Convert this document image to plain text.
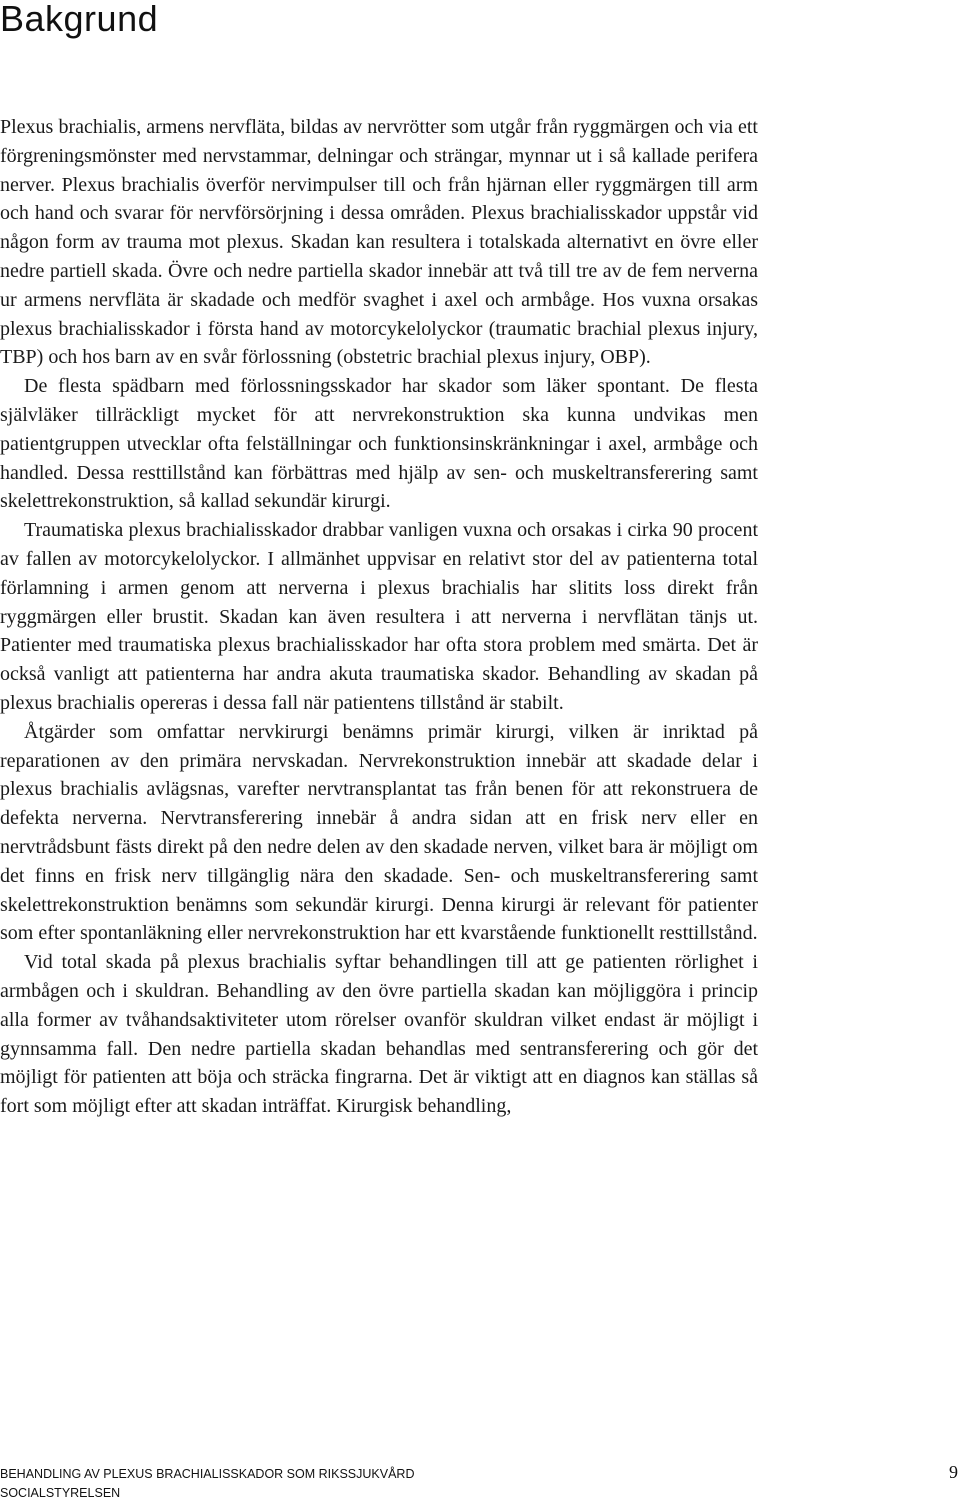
Bakgrund

Plexus brachialis, armens nervfläta, bildas av nervrötter som utgår från ryggmärgen och via ett förgreningsmönster med nervstammar, delningar och strängar, mynnar ut i så kallade perifera nerver. Plexus brachialis överför nervimpulser till och från hjärnan eller ryggmärgen till arm och hand och svarar för nervförsörjning i dessa områden. Plexus brachialisskador uppstår vid någon form av trauma mot plexus. Skadan kan resultera i totalskada alternativt en övre eller nedre partiell skada. Övre och nedre partiella skador innebär att två till tre av de fem nerverna ur armens nervfläta är skadade och medför svaghet i axel och armbåge. Hos vuxna orsakas plexus brachialisskador i första hand av motorcykelolyckor (traumatic brachial plexus injury, TBP) och hos barn av en svår förlossning (obstetric brachial plexus injury, OBP).

De flesta spädbarn med förlossningsskador har skador som läker spontant. De flesta självläker tillräckligt mycket för att nervrekonstruktion ska kunna undvikas men patientgruppen utvecklar ofta felställningar och funktionsinskränkningar i axel, armbåge och handled. Dessa resttillstånd kan förbättras med hjälp av sen- och muskeltransferering samt skelettrekonstruktion, så kallad sekundär kirurgi.

Traumatiska plexus brachialisskador drabbar vanligen vuxna och orsakas i cirka 90 procent av fallen av motorcykelolyckor. I allmänhet uppvisar en relativt stor del av patienterna total förlamning i armen genom att nerverna i plexus brachialis har slitits loss direkt från ryggmärgen eller brustit. Skadan kan även resultera i att nerverna i nervflätan tänjs ut. Patienter med traumatiska plexus brachialisskador har ofta stora problem med smärta. Det är också vanligt att patienterna har andra akuta traumatiska skador. Behandling av skadan på plexus brachialis opereras i dessa fall när patientens tillstånd är stabilt.

Åtgärder som omfattar nervkirurgi benämns primär kirurgi, vilken är inriktad på reparationen av den primära nervskadan. Nervrekonstruktion innebär att skadade delar i plexus brachialis avlägsnas, varefter nervtransplantat tas från benen för att rekonstruera de defekta nerverna. Nervtransferering innebär å andra sidan att en frisk nerv eller en nervtrådsbunt fästs direkt på den nedre delen av den skadade nerven, vilket bara är möjligt om det finns en frisk nerv tillgänglig nära den skadade. Sen- och muskeltransferering samt skelettrekonstruktion benämns som sekundär kirurgi. Denna kirurgi är relevant för patienter som efter spontanläkning eller nervrekonstruktion har ett kvarstående funktionellt resttillstånd.

Vid total skada på plexus brachialis syftar behandlingen till att ge patienten rörlighet i armbågen och i skuldran. Behandling av den övre partiella skadan kan möjliggöra i princip alla former av tvåhandsaktiviteter utom rörelser ovanför skuldran vilket endast är möjligt i gynnsamma fall. Den nedre partiella skadan behandlas med sentransferering och gör det möjligt för patienten att böja och sträcka fingrarna. Det är viktigt att en diagnos kan ställas så fort som möjligt efter att skadan inträffat. Kirurgisk behandling,

BEHANDLING AV PLEXUS BRACHIALISSKADOR SOM RIKSSJUKVÅRD
SOCIALSTYRELSEN
9
